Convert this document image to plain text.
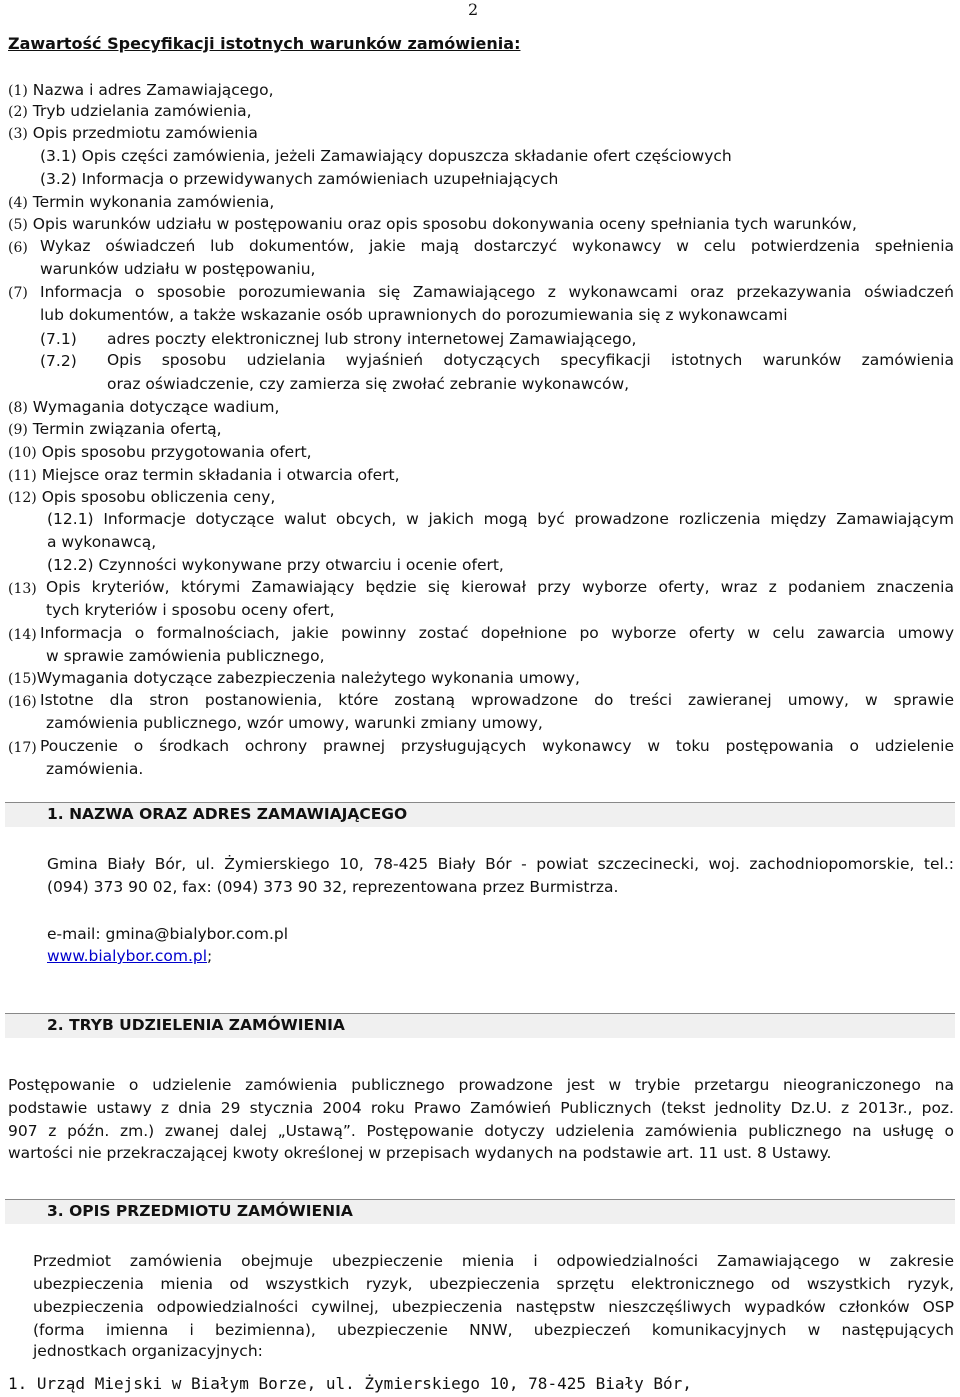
2
Zawartość Specyfikacji istotnych warunków zamówienia:
(1) Nazwa i adres Zamawiającego,
(2) Tryb udzielania zamówienia,
(3) Opis przedmiotu zamówienia
(3.1) Opis części zamówienia, jeżeli Zamawiający dopuszcza składanie ofert częściowych
(3.2) Informacja o przewidywanych zamówieniach uzupełniających
(4) Termin wykonania zamówienia,
(5) Opis warunków udziału w postępowaniu oraz opis sposobu dokonywania oceny spełniania tych warunków,
(6) Wykaz oświadczeń lub dokumentów, jakie mają dostarczyć wykonawcy w celu potwierdzenia spełnienia
warunków udziału w postępowaniu,
(7) Informacja o sposobie porozumiewania się Zamawiającego z wykonawcami oraz przekazywania oświadczeń
lub dokumentów, a także wskazanie osób uprawnionych do porozumiewania się z wykonawcami
(7.1) adres poczty elektronicznej lub strony internetowej Zamawiającego,
(7.2) Opis sposobu udzielania wyjaśnień dotyczących specyfikacji istotnych warunków zamówienia
oraz oświadczenie, czy zamierza się zwołać zebranie wykonawców,
(8) Wymagania dotyczące wadium,
(9) Termin związania ofertą,
(10) Opis sposobu przygotowania ofert,
(11) Miejsce oraz termin składania i otwarcia ofert,
(12) Opis sposobu obliczenia ceny,
(12.1) Informacje dotyczące walut obcych, w jakich mogą być prowadzone rozliczenia między Zamawiającym
a wykonawcą,
(12.2) Czynności wykonywane przy otwarciu i ocenie ofert,
(13) Opis kryteriów, którymi Zamawiający będzie się kierował przy wyborze oferty, wraz z podaniem znaczenia
tych kryteriów i sposobu oceny ofert,
(14) Informacja o formalnościach, jakie powinny zostać dopełnione po wyborze oferty w celu zawarcia umowy
w sprawie zamówienia publicznego,
(15)Wymagania dotyczące zabezpieczenia należytego wykonania umowy,
(16) Istotne dla stron postanowienia, które zostaną wprowadzone do treści zawieranej umowy, w sprawie
zamówienia publicznego, wzór umowy, warunki zmiany umowy,
(17) Pouczenie o środkach ochrony prawnej przysługujących wykonawcy w toku postępowania o udzielenie
zamówienia.
1. NAZWA ORAZ ADRES ZAMAWIAJĄCEGO
Gmina Biały Bór, ul. Żymierskiego 10, 78-425 Biały Bór - powiat szczecinecki, woj. zachodniopomorskie, tel.:
(094) 373 90 02, fax: (094) 373 90 32, reprezentowana przez Burmistrza.
e-mail: gmina@bialybor.com.pl
www.bialybor.com.pl;
2. TRYB UDZIELENIA ZAMÓWIENIA
Postępowanie o udzielenie zamówienia publicznego prowadzone jest w trybie przetargu nieograniczonego na
podstawie ustawy z dnia 29 stycznia 2004 roku Prawo Zamówień Publicznych (tekst jednolity Dz.U. z 2013r., poz.
907 z późn. zm.) zwanej dalej „Ustawą”. Postępowanie dotyczy udzielenia zamówienia publicznego na usługę o
wartości nie przekraczającej kwoty określonej w przepisach wydanych na podstawie art. 11 ust. 8 Ustawy.
3. OPIS PRZEDMIOTU ZAMÓWIENIA
Przedmiot zamówienia obejmuje ubezpieczenie mienia i odpowiedzialności Zamawiającego w zakresie
ubezpieczenia mienia od wszystkich ryzyk, ubezpieczenia sprzętu elektronicznego od wszystkich ryzyk,
ubezpieczenia odpowiedzialności cywilnej, ubezpieczenia następstw nieszczęśliwych wypadków członków OSP
(forma imienna i bezimienna), ubezpieczenie NNW, ubezpieczeń komunikacyjnych w następujących
jednostkach organizacyjnych:
1. Urząd Miejski w Białym Borze, ul. Żymierskiego 10, 78-425 Biały Bór,
